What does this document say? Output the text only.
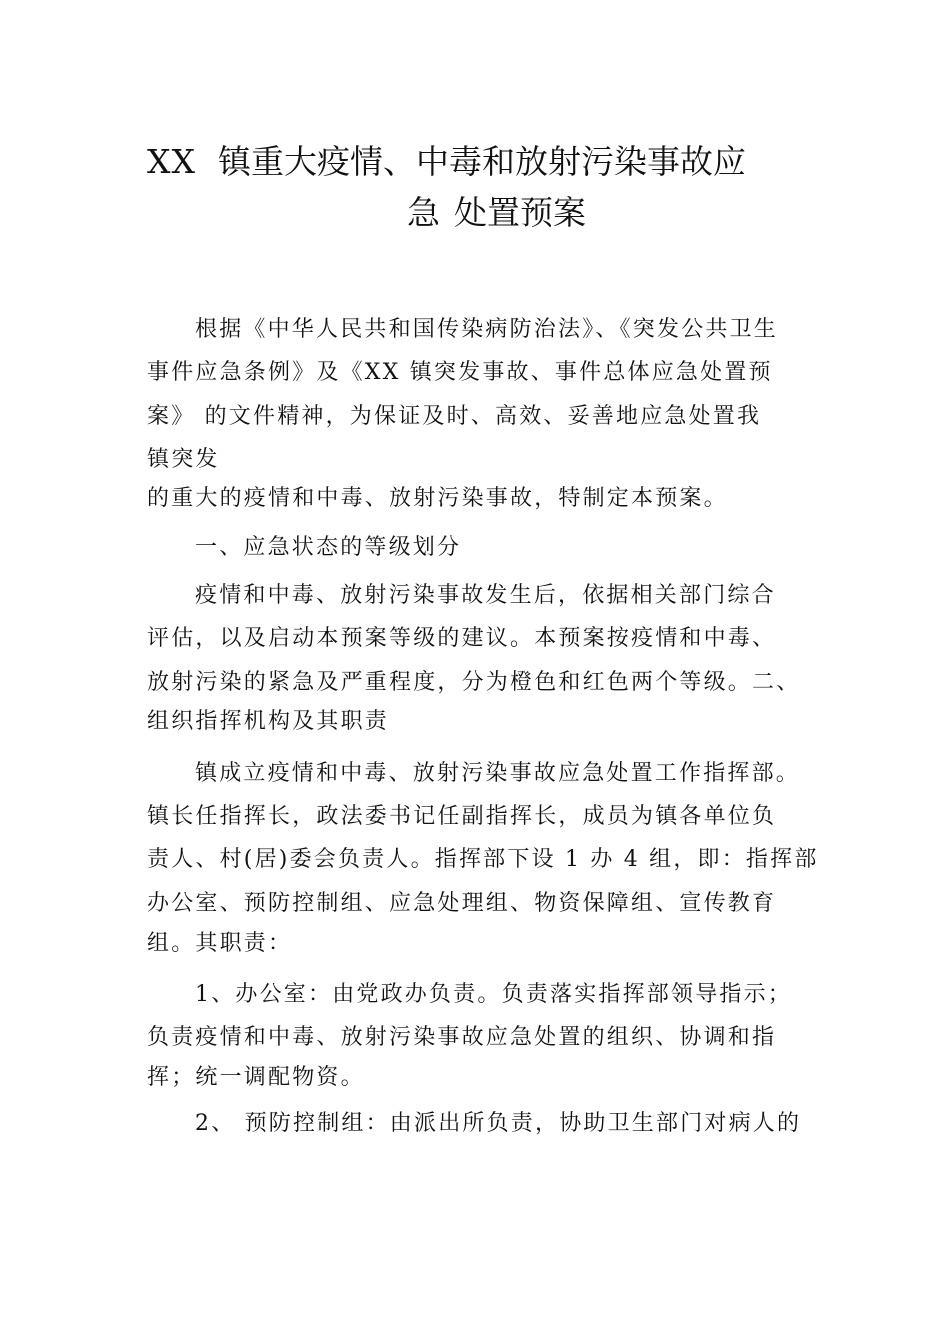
XX 镇重大疫情、中毒和放射污染事故应
急 处置预案
根据《中华人民共和国传染病防治法》、《突发公共卫生
事件应急条例》及《XX 镇突发事故、事件总体应急处置预
案》 的文件精神，为保证及时、高效、妥善地应急处置我
镇突发
的重大的疫情和中毒、放射污染事故，特制定本预案。
一、应急状态的等级划分
疫情和中毒、放射污染事故发生后，依据相关部门综合
评估，以及启动本预案等级的建议。本预案按疫情和中毒、
放射污染的紧急及严重程度，分为橙色和红色两个等级。二、
组织指挥机构及其职责
镇成立疫情和中毒、放射污染事故应急处置工作指挥部。
镇长任指挥长，政法委书记任副指挥长，成员为镇各单位负
责人、村(居)委会负责人。指挥部下设 1 办 4 组，即：指挥部
办公室、预防控制组、应急处理组、物资保障组、宣传教育
组。其职责：
1、办公室：由党政办负责。负责落实指挥部领导指示；
负责疫情和中毒、放射污染事故应急处置的组织、协调和指
挥；统一调配物资。
2、 预防控制组：由派出所负责，协助卫生部门对病人的
